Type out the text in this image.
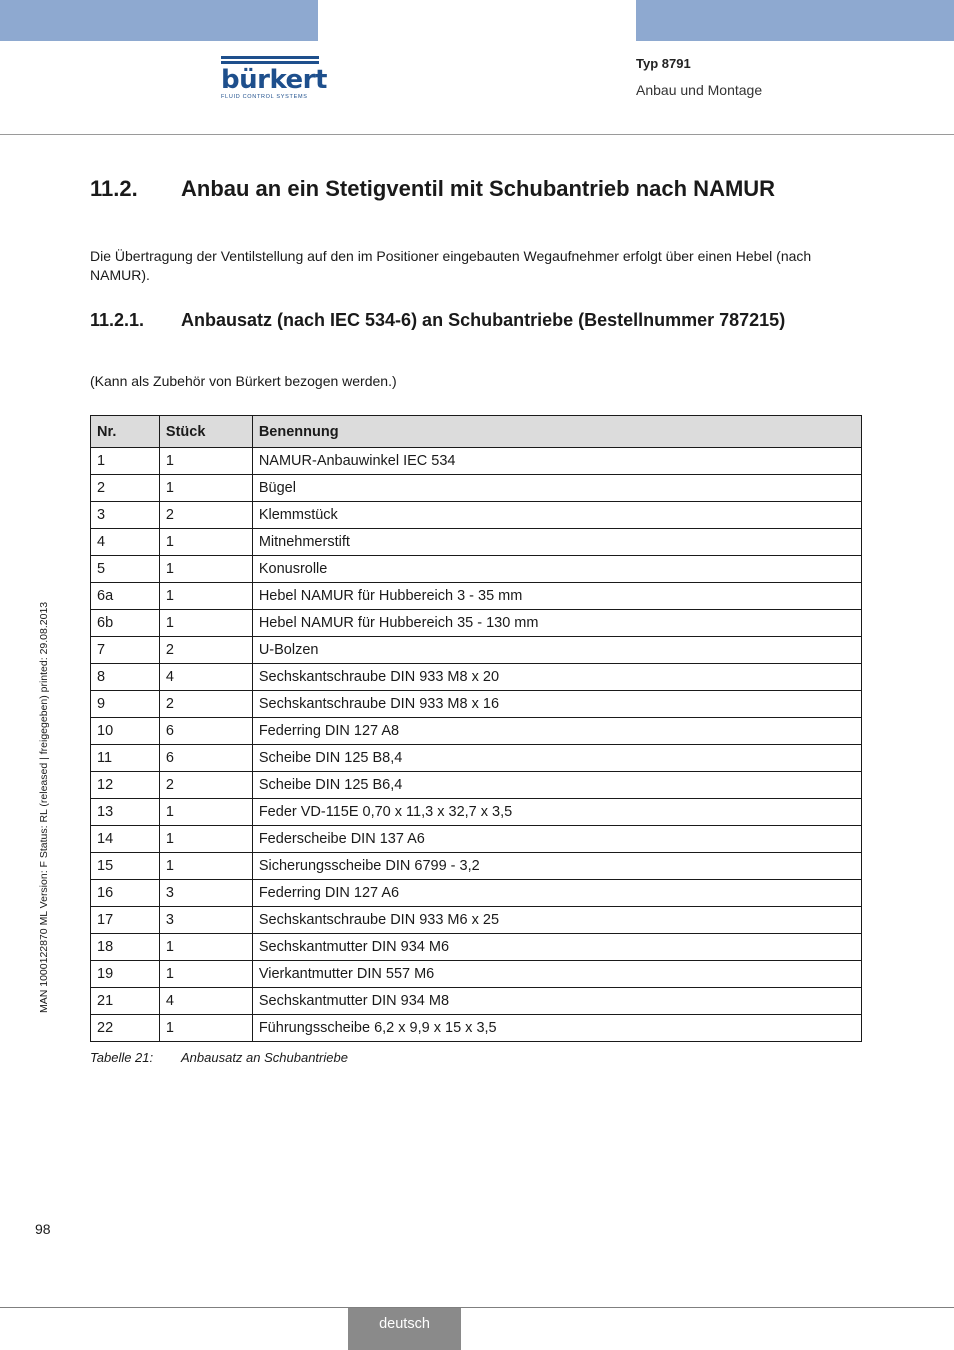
bürkert
FLUID CONTROL SYSTEMS
Typ 8791
Anbau und Montage
11.2.	Anbau an ein Stetigventil mit Schubantrieb nach NAMUR
Die Übertragung der Ventilstellung auf den im Positioner eingebauten Wegaufnehmer erfolgt über einen Hebel (nach NAMUR).
11.2.1.	Anbausatz (nach IEC 534-6) an Schubantriebe (Bestellnummer 787215)
(Kann als Zubehör von Bürkert bezogen werden.)
Nr.	Stück	Benennung
1	1	NAMUR-Anbauwinkel IEC 534
2	1	Bügel
3	2	Klemmstück
4	1	Mitnehmerstift
5	1	Konusrolle
6a	1	Hebel NAMUR für Hubbereich 3 - 35 mm
6b	1	Hebel NAMUR für Hubbereich 35 - 130 mm
7	2	U-Bolzen
8	4	Sechskantschraube DIN 933 M8 x 20
9	2	Sechskantschraube DIN 933 M8 x 16
10	6	Federring DIN 127 A8
11	6	Scheibe DIN 125 B8,4
12	2	Scheibe DIN 125 B6,4
13	1	Feder VD-115E 0,70 x 11,3 x 32,7 x 3,5
14	1	Federscheibe DIN 137 A6
15	1	Sicherungsscheibe DIN 6799 - 3,2
16	3	Federring DIN 127 A6
17	3	Sechskantschraube DIN 933 M6 x 25
18	1	Sechskantmutter DIN 934 M6
19	1	Vierkantmutter DIN 557 M6
21	4	Sechskantmutter DIN 934 M8
22	1	Führungsscheibe 6,2 x 9,9 x 15 x 3,5
Tabelle 21: Anbausatz an Schubantriebe
MAN 1000122870 ML Version: F Status: RL (released | freigegeben) printed: 29.08.2013
98
deutsch
